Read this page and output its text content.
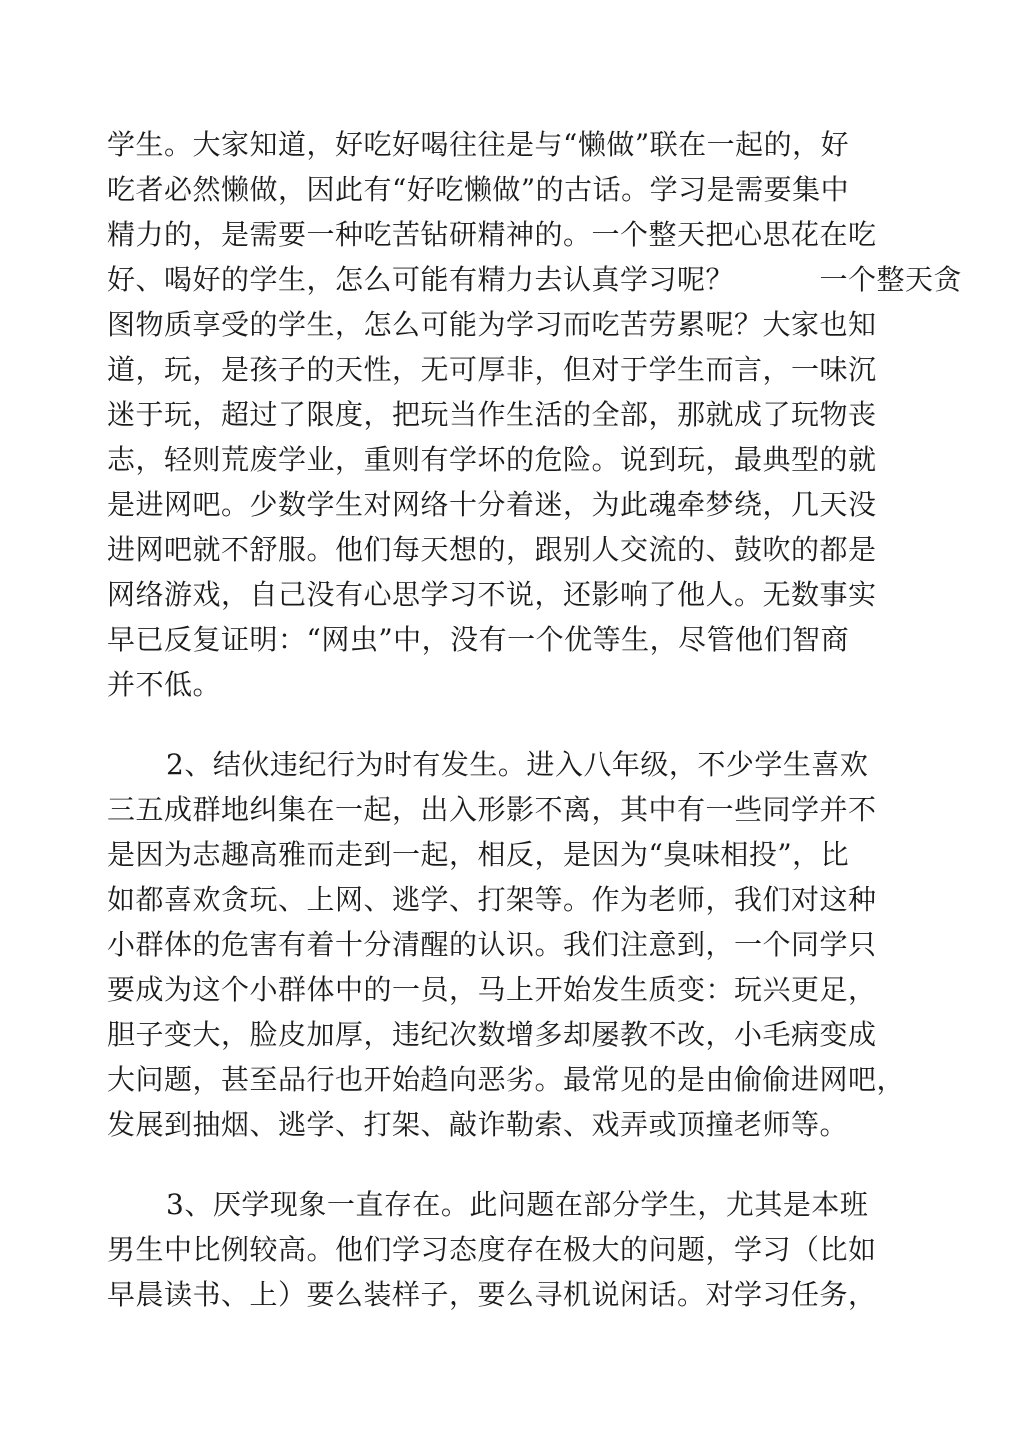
学生。大家知道，好吃好喝往往是与“懒做”联在一起的，好
吃者必然懒做，因此有“好吃懒做”的古话。学习是需要集中
精力的，是需要一种吃苦钻研精神的。一个整天把心思花在吃
好、喝好的学生，怎么可能有精力去认真学习呢？　　　一个整天贪
图物质享受的学生，怎么可能为学习而吃苦劳累呢？大家也知
道，玩，是孩子的天性，无可厚非，但对于学生而言，一味沉
迷于玩，超过了限度，把玩当作生活的全部，那就成了玩物丧
志，轻则荒废学业，重则有学坏的危险。说到玩，最典型的就
是进网吧。少数学生对网络十分着迷，为此魂牵梦绕，几天没
进网吧就不舒服。他们每天想的，跟别人交流的、鼓吹的都是
网络游戏，自己没有心思学习不说，还影响了他人。无数事实
早已反复证明：“网虫”中，没有一个优等生，尽管他们智商
并不低。
2、结伙违纪行为时有发生。进入八年级，不少学生喜欢
三五成群地纠集在一起，出入形影不离，其中有一些同学并不
是因为志趣高雅而走到一起，相反，是因为“臭味相投”，比
如都喜欢贪玩、上网、逃学、打架等。作为老师，我们对这种
小群体的危害有着十分清醒的认识。我们注意到，一个同学只
要成为这个小群体中的一员，马上开始发生质变：玩兴更足，
胆子变大，脸皮加厚，违纪次数增多却屡教不改，小毛病变成
大问题，甚至品行也开始趋向恶劣。最常见的是由偷偷进网吧，
发展到抽烟、逃学、打架、敲诈勒索、戏弄或顶撞老师等。
3、厌学现象一直存在。此问题在部分学生，尤其是本班
男生中比例较高。他们学习态度存在极大的问题，学习（比如
早晨读书、上）要么装样子，要么寻机说闲话。对学习任务，
